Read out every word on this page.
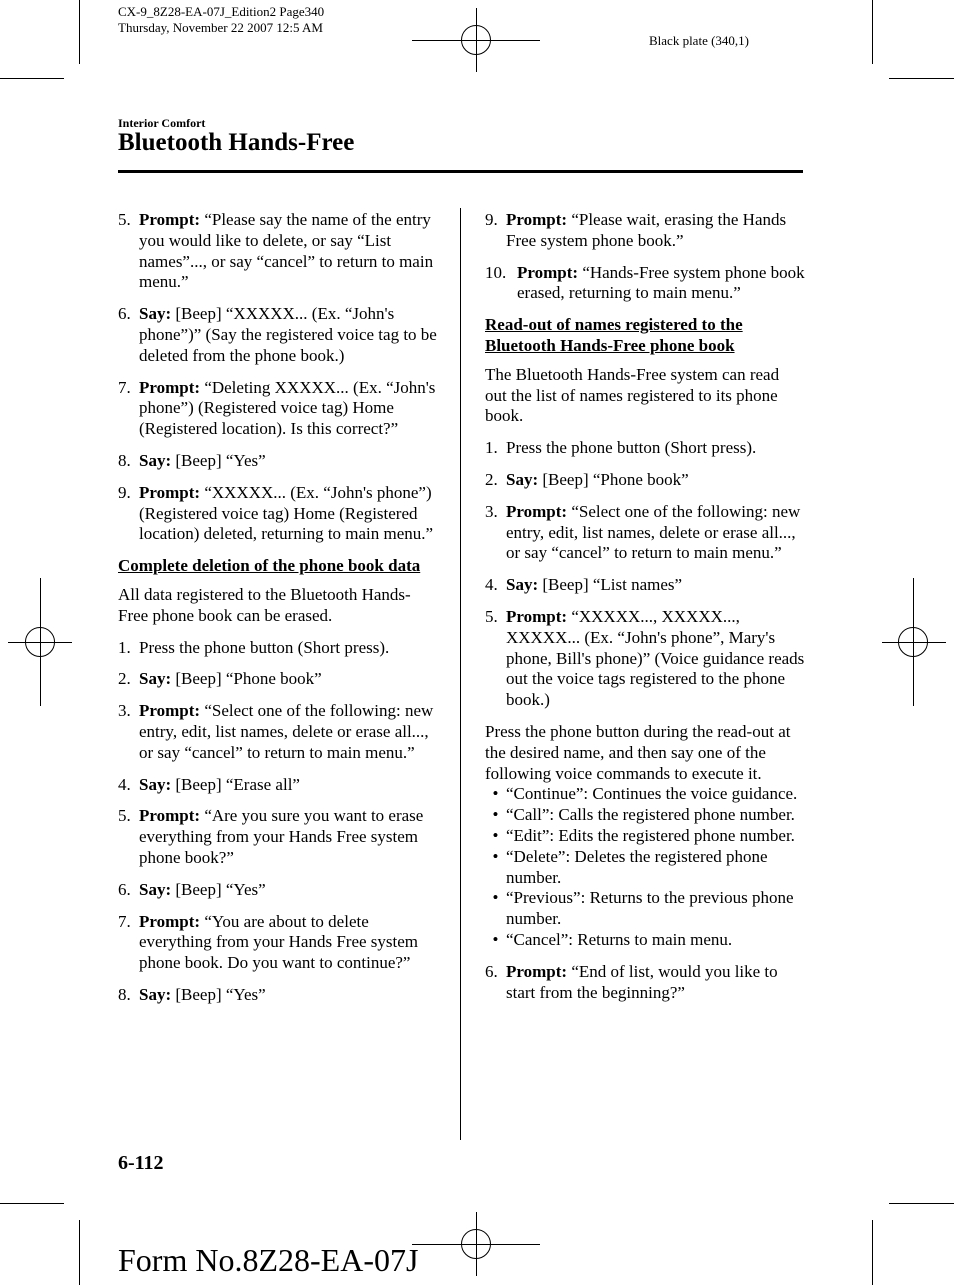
CX-9_8Z28-EA-07J_Edition2 Page340
Thursday, November 22 2007 12:5 AM
Black plate (340,1)
Interior Comfort
Bluetooth Hands-Free
5. Prompt: “Please say the name of the entry you would like to delete, or say “List names”..., or say “cancel” to return to main menu.”
6. Say: [Beep] “XXXXX... (Ex. “John's phone”)” (Say the registered voice tag to be deleted from the phone book.)
7. Prompt: “Deleting XXXXX... (Ex. “John's phone”) (Registered voice tag) Home (Registered location). Is this correct?”
8. Say: [Beep] “Yes”
9. Prompt: “XXXXX... (Ex. “John's phone”) (Registered voice tag) Home (Registered location) deleted, returning to main menu.”
Complete deletion of the phone book data
All data registered to the Bluetooth Hands-Free phone book can be erased.
1. Press the phone button (Short press).
2. Say: [Beep] “Phone book”
3. Prompt: “Select one of the following: new entry, edit, list names, delete or erase all..., or say “cancel” to return to main menu.”
4. Say: [Beep] “Erase all”
5. Prompt: “Are you sure you want to erase everything from your Hands Free system phone book?”
6. Say: [Beep] “Yes”
7. Prompt: “You are about to delete everything from your Hands Free system phone book. Do you want to continue?”
8. Say: [Beep] “Yes”
9. Prompt: “Please wait, erasing the Hands Free system phone book.”
10. Prompt: “Hands-Free system phone book erased, returning to main menu.”
Read-out of names registered to the Bluetooth Hands-Free phone book
The Bluetooth Hands-Free system can read out the list of names registered to its phone book.
1. Press the phone button (Short press).
2. Say: [Beep] “Phone book”
3. Prompt: “Select one of the following: new entry, edit, list names, delete or erase all..., or say “cancel” to return to main menu.”
4. Say: [Beep] “List names”
5. Prompt: “XXXXX..., XXXXX..., XXXXX... (Ex. “John's phone”, Mary's phone, Bill's phone)” (Voice guidance reads out the voice tags registered to the phone book.)
Press the phone button during the read-out at the desired name, and then say one of the following voice commands to execute it.
• “Continue”: Continues the voice guidance.
• “Call”: Calls the registered phone number.
• “Edit”: Edits the registered phone number.
• “Delete”: Deletes the registered phone number.
• “Previous”: Returns to the previous phone number.
• “Cancel”: Returns to main menu.
6. Prompt: “End of list, would you like to start from the beginning?”
6-112
Form No.8Z28-EA-07J
